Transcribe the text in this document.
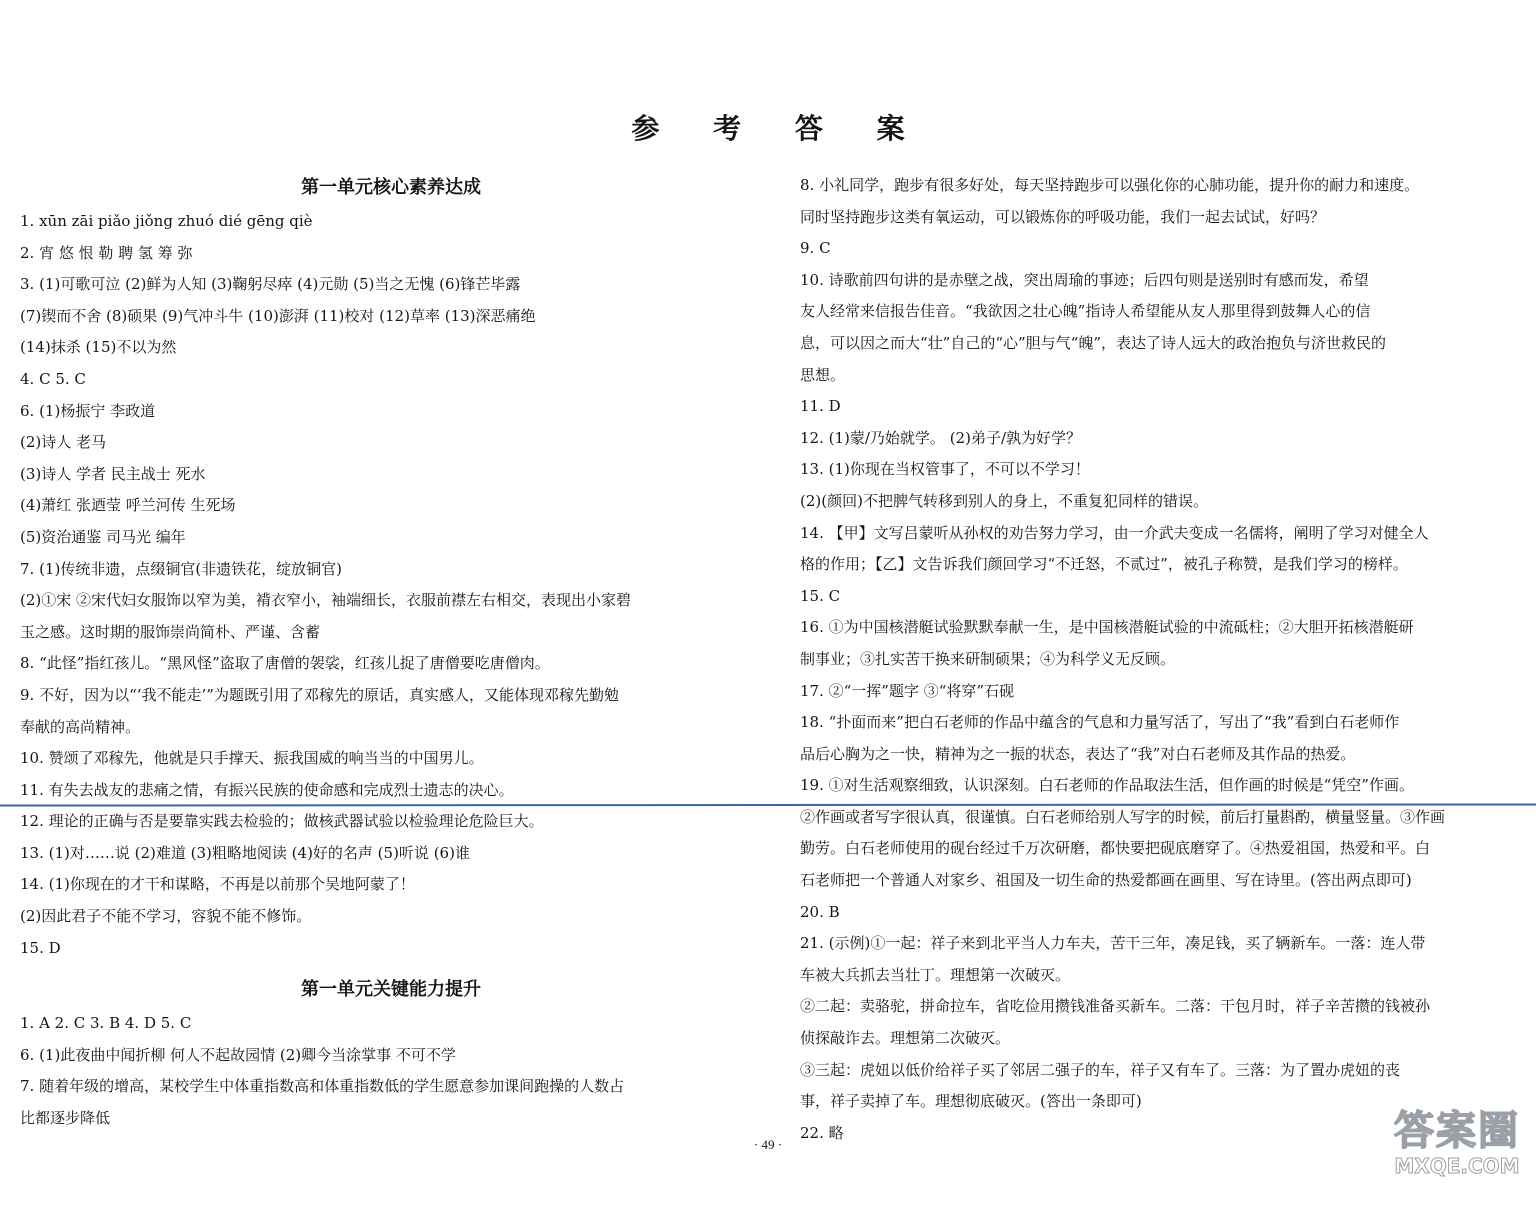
参 考 答 案
第一单元核心素养达成
1. xūn zāi piǎo jiǒng zhuó dié gēng qiè
2. 宵 悠 恨 勒 聘 氢 筹 弥
3. (1)可歌可泣 (2)鲜为人知 (3)鞠躬尽瘁 (4)元勋 (5)当之无愧 (6)锋芒毕露
(7)锲而不舍 (8)硕果 (9)气冲斗牛 (10)澎湃 (11)校对 (12)草率 (13)深恶痛绝
(14)抹杀 (15)不以为然
4. C 5. C
6. (1)杨振宁 李政道
(2)诗人 老马
(3)诗人 学者 民主战士 死水
(4)萧红 张迺莹 呼兰河传 生死场
(5)资治通鉴 司马光 编年
7. (1)传统非遗，点缀铜官(非遗铁花，绽放铜官)
(2)①宋 ②宋代妇女服饰以窄为美，褙衣窄小，袖端细长，衣服前襟左右相交，表现出小家碧
玉之感。这时期的服饰崇尚简朴、严谨、含蓄
8. “此怪”指红孩儿。“黑风怪”盗取了唐僧的袈裟，红孩儿捉了唐僧要吃唐僧肉。
9. 不好，因为以“‘我不能走’”为题既引用了邓稼先的原话，真实感人，又能体现邓稼先勤勉
奉献的高尚精神。
10. 赞颂了邓稼先，他就是只手撑天、振我国威的响当当的中国男儿。
11. 有失去战友的悲痛之情，有振兴民族的使命感和完成烈士遗志的决心。
12. 理论的正确与否是要靠实践去检验的；做核武器试验以检验理论危险巨大。
13. (1)对……说 (2)难道 (3)粗略地阅读 (4)好的名声 (5)听说 (6)谁
14. (1)你现在的才干和谋略，不再是以前那个吴地阿蒙了！
(2)因此君子不能不学习，容貌不能不修饰。
15. D
第一单元关键能力提升
1. A 2. C 3. B 4. D 5. C
6. (1)此夜曲中闻折柳 何人不起故园情 (2)卿今当涂掌事 不可不学
7. 随着年级的增高，某校学生中体重指数高和体重指数低的学生愿意参加课间跑操的人数占
比都逐步降低
8. 小礼同学，跑步有很多好处，每天坚持跑步可以强化你的心肺功能，提升你的耐力和速度。
同时坚持跑步这类有氧运动，可以锻炼你的呼吸功能，我们一起去试试，好吗？
9. C
10. 诗歌前四句讲的是赤壁之战，突出周瑜的事迹；后四句则是送别时有感而发，希望
友人经常来信报告佳音。“我欲因之壮心魄”指诗人希望能从友人那里得到鼓舞人心的信
息，可以因之而大“壮”自己的“心”胆与气“魄”，表达了诗人远大的政治抱负与济世救民的
思想。
11. D
12. (1)蒙/乃始就学。 (2)弟子/孰为好学？
13. (1)你现在当权管事了，不可以不学习！
(2)(颜回)不把脾气转移到别人的身上，不重复犯同样的错误。
14. 【甲】文写吕蒙听从孙权的劝告努力学习，由一介武夫变成一名儒将，阐明了学习对健全人
格的作用；【乙】文告诉我们颜回学习“不迁怒，不贰过”，被孔子称赞，是我们学习的榜样。
15. C
16. ①为中国核潜艇试验默默奉献一生，是中国核潜艇试验的中流砥柱；②大胆开拓核潜艇研
制事业；③扎实苦干换来研制硕果；④为科学义无反顾。
17. ②“一挥”题字 ③“将穿”石砚
18. “扑面而来”把白石老师的作品中蕴含的气息和力量写活了，写出了“我”看到白石老师作
品后心胸为之一快，精神为之一振的状态，表达了“我”对白石老师及其作品的热爱。
19. ①对生活观察细致，认识深刻。白石老师的作品取法生活，但作画的时候是“凭空”作画。
②作画或者写字很认真，很谨慎。白石老师给别人写字的时候，前后打量斟酌，横量竖量。③作画
勤劳。白石老师使用的砚台经过千万次研磨，都快要把砚底磨穿了。④热爱祖国，热爱和平。白
石老师把一个普通人对家乡、祖国及一切生命的热爱都画在画里、写在诗里。(答出两点即可)
20. B
21. (示例)①一起：祥子来到北平当人力车夫，苦干三年，凑足钱，买了辆新车。一落：连人带
车被大兵抓去当壮丁。理想第一次破灭。
②二起：卖骆驼，拼命拉车，省吃俭用攒钱准备买新车。二落：干包月时，祥子辛苦攒的钱被孙
侦探敲诈去。理想第二次破灭。
③三起：虎妞以低价给祥子买了邻居二强子的车，祥子又有车了。三落：为了置办虎妞的丧
事，祥子卖掉了车。理想彻底破灭。(答出一条即可)
22. 略
· 49 ·	答案圈
MXQE.COM
